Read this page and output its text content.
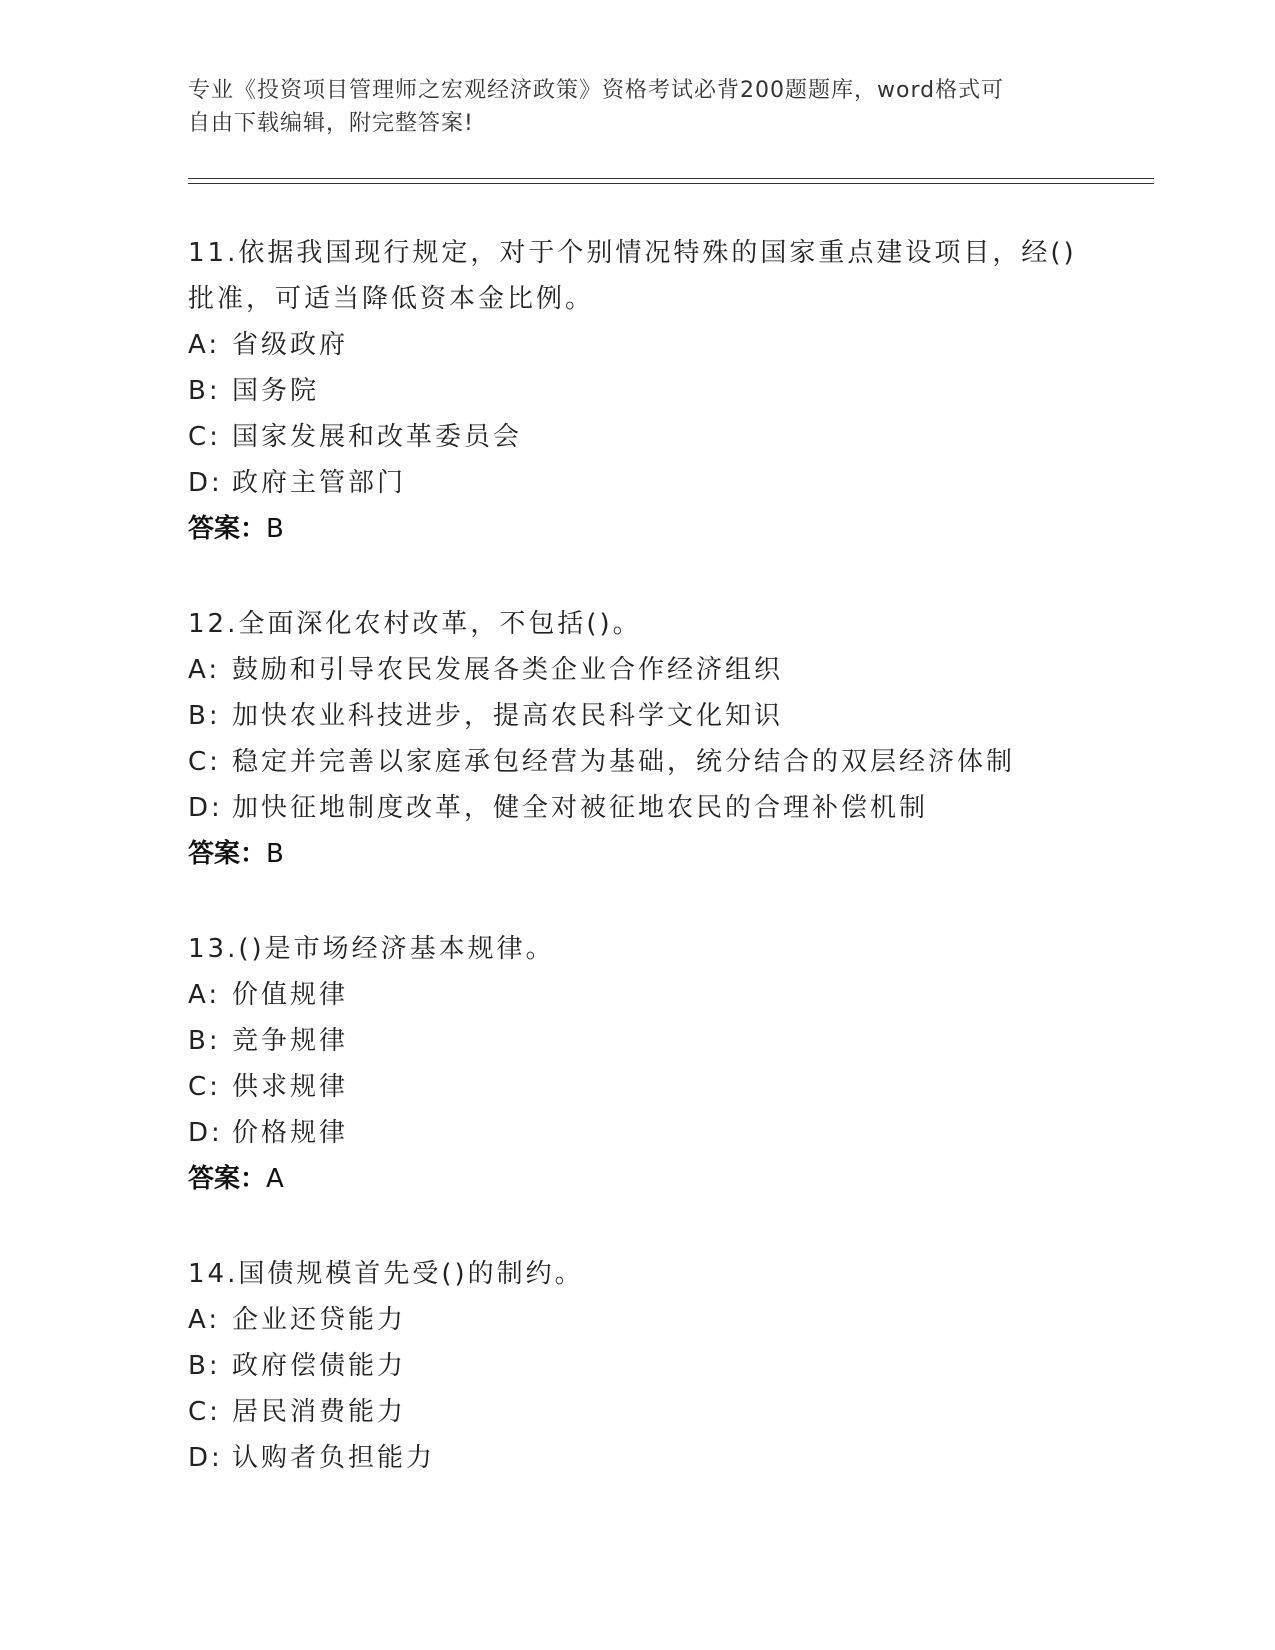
专业《投资项目管理师之宏观经济政策》资格考试必背200题题库，word格式可
自由下载编辑，附完整答案!
11.依据我国现行规定，对于个别情况特殊的国家重点建设项目，经()
批准，可适当降低资本金比例。
A: 省级政府
B: 国务院
C: 国家发展和改革委员会
D: 政府主管部门
答案：B
12.全面深化农村改革，不包括()。
A: 鼓励和引导农民发展各类企业合作经济组织
B: 加快农业科技进步，提高农民科学文化知识
C: 稳定并完善以家庭承包经营为基础，统分结合的双层经济体制
D: 加快征地制度改革，健全对被征地农民的合理补偿机制
答案：B
13.()是市场经济基本规律。
A: 价值规律
B: 竞争规律
C: 供求规律
D: 价格规律
答案：A
14.国债规模首先受()的制约。
A: 企业还贷能力
B: 政府偿债能力
C: 居民消费能力
D: 认购者负担能力
